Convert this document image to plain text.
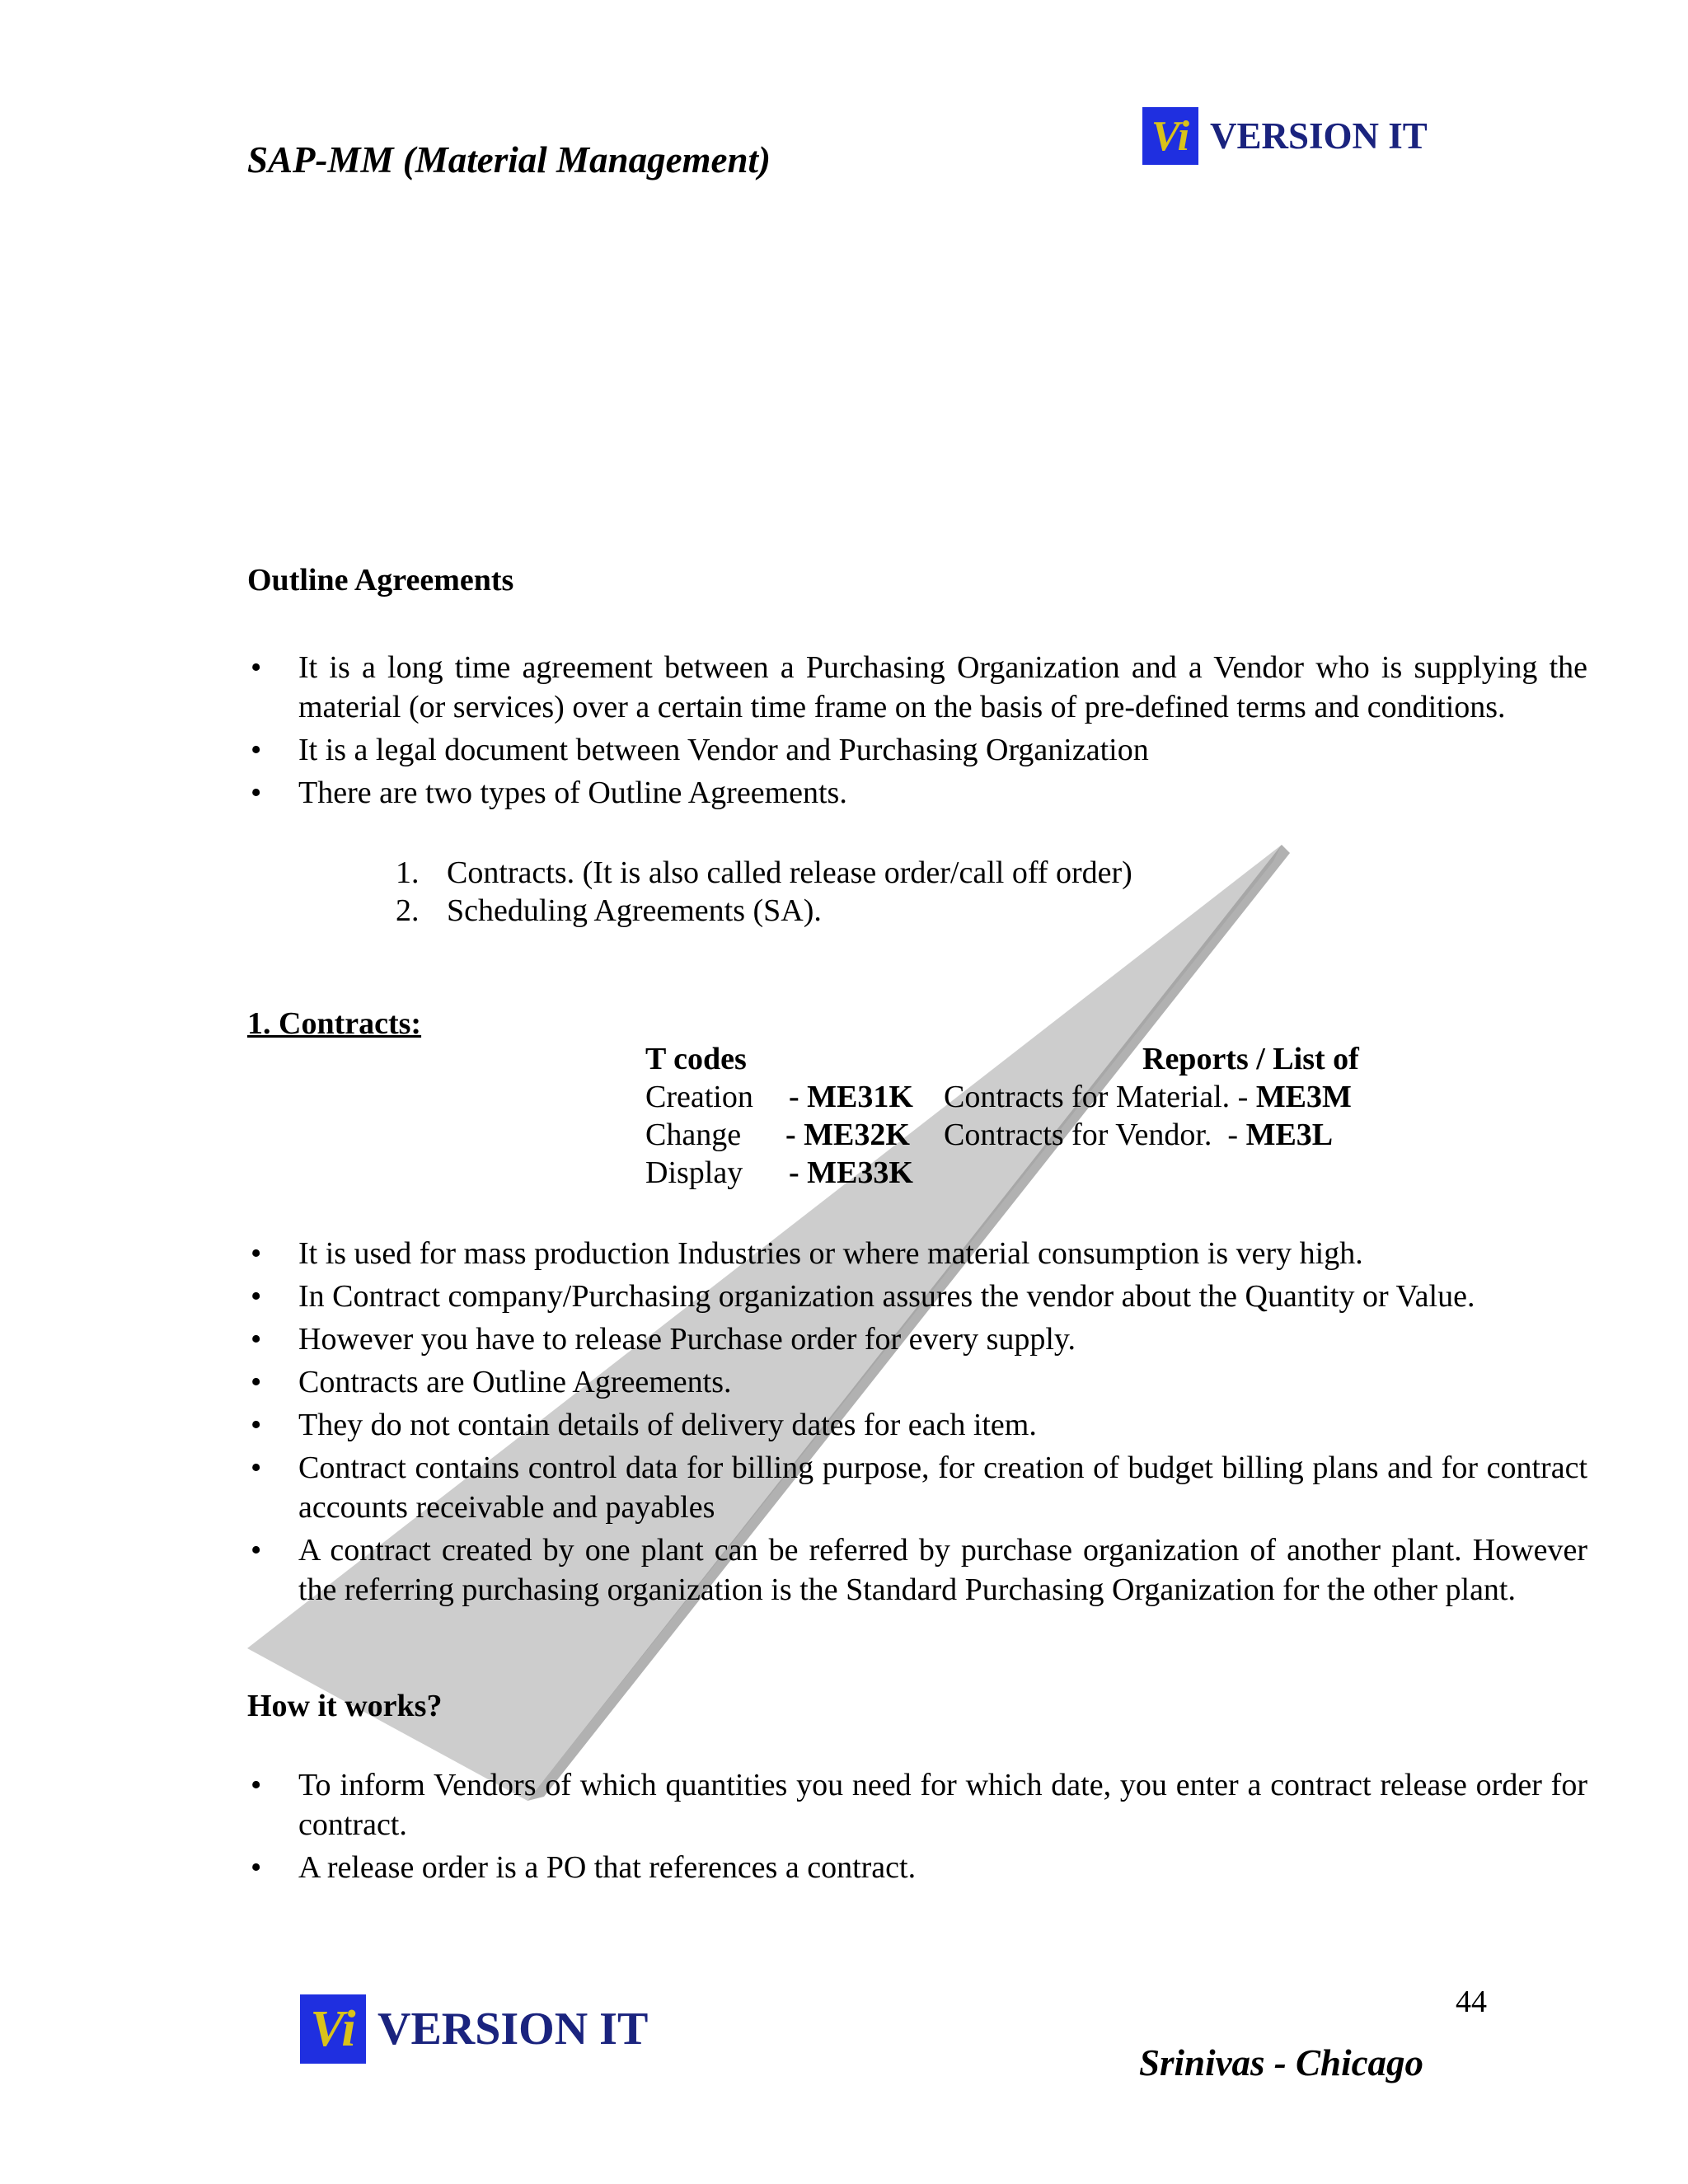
SAP-MM (Material Management)
Vi VERSION IT
Outline Agreements
• It is a long time agreement between a Purchasing Organization and a Vendor who is supplying the material (or services) over a certain time frame on the basis of pre-defined terms and conditions.
• It is a legal document between Vendor and Purchasing Organization
• There are two types of Outline Agreements.
1. Contracts. (It is also called release order/call off order)
2. Scheduling Agreements (SA).
1. Contracts:
T codes	Reports / List of
Creation - ME31K Contracts for Material. - ME3M
Change - ME32K Contracts for Vendor.  - ME3L
Display - ME33K
• It is used for mass production Industries or where material consumption is very high.
• In Contract company/Purchasing organization assures the vendor about the Quantity or Value.
• However you have to release Purchase order for every supply.
• Contracts are Outline Agreements.
• They do not contain details of delivery dates for each item.
• Contract contains control data for billing purpose, for creation of budget billing plans and for contract accounts receivable and payables
• A contract created by one plant can be referred by purchase organization of another plant. However the referring purchasing organization is the Standard Purchasing Organization for the other plant.
How it works?
• To inform Vendors of which quantities you need for which date, you enter a contract release order for contract.
• A release order is a PO that references a contract.
44
Vi VERSION IT
Srinivas - Chicago
